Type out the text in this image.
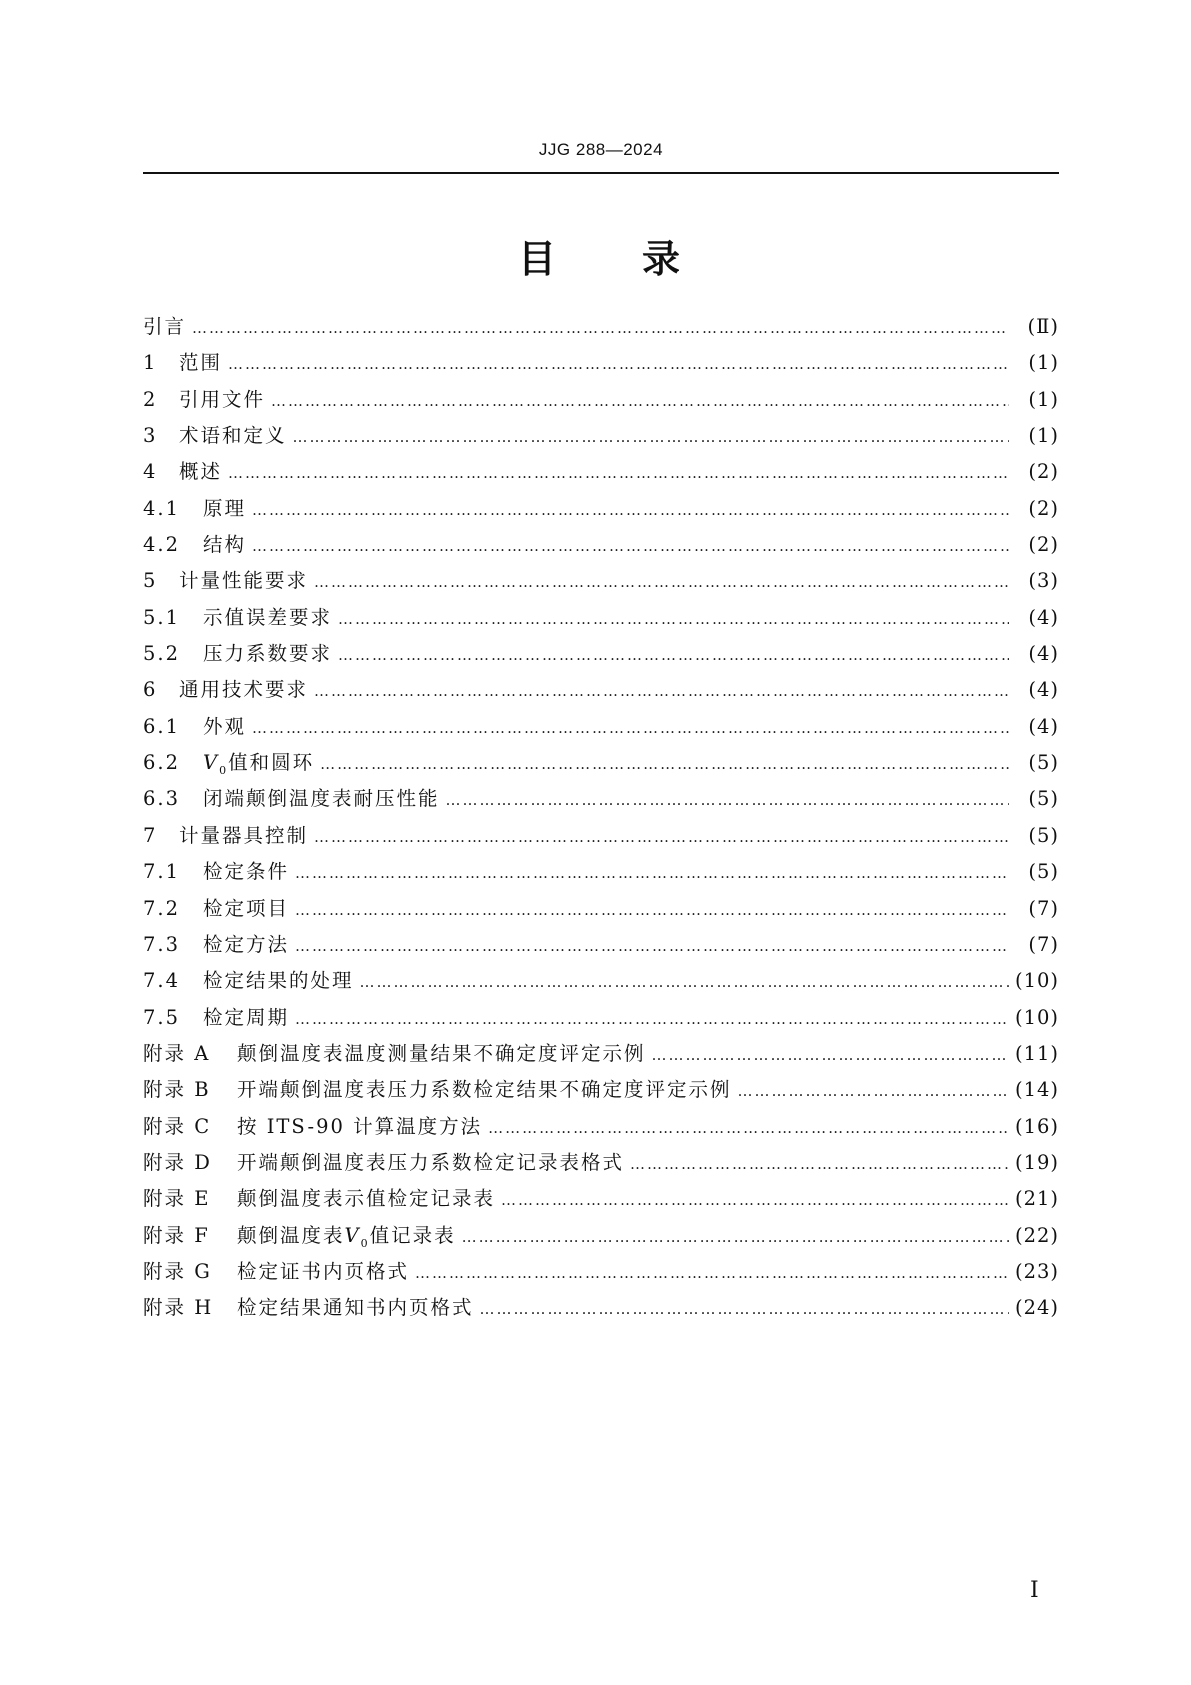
JJG 288—2024
目 录
引言 ……………………………………………………………………………………………………………………………………………………	(Ⅱ)
1	范围 ……………………………………………………………………………………………………………………………………………………	(1)
2	引用文件 ……………………………………………………………………………………………………………………………………………………	(1)
3	术语和定义 ……………………………………………………………………………………………………………………………………………………	(1)
4	概述 ……………………………………………………………………………………………………………………………………………………	(2)
4.1	原理 ……………………………………………………………………………………………………………………………………………………	(2)
4.2	结构 ……………………………………………………………………………………………………………………………………………………	(2)
5	计量性能要求 ……………………………………………………………………………………………………………………………………………………	(3)
5.1	示值误差要求 ……………………………………………………………………………………………………………………………………………………	(4)
5.2	压力系数要求 ……………………………………………………………………………………………………………………………………………………	(4)
6	通用技术要求 ……………………………………………………………………………………………………………………………………………………	(4)
6.1	外观 ……………………………………………………………………………………………………………………………………………………	(4)
6.2	$V_0$值和圆环 ……………………………………………………………………………………………………………………………………………………	(5)
6.3	闭端颠倒温度表耐压性能 ……………………………………………………………………………………………………………………………………………………	(5)
7	计量器具控制 ……………………………………………………………………………………………………………………………………………………	(5)
7.1	检定条件 ……………………………………………………………………………………………………………………………………………………	(5)
7.2	检定项目 ……………………………………………………………………………………………………………………………………………………	(7)
7.3	检定方法 ……………………………………………………………………………………………………………………………………………………	(7)
7.4	检定结果的处理 ……………………………………………………………………………………………………………………………………………………	(10)
7.5	检定周期 ……………………………………………………………………………………………………………………………………………………	(10)
附录 A	颠倒温度表温度测量结果不确定度评定示例 ……………………………………………………………………………………………………………………………………………………	(11)
附录 B	开端颠倒温度表压力系数检定结果不确定度评定示例 ……………………………………………………………………………………………………………………………………………………	(14)
附录 C	按 ITS-90 计算温度方法 ……………………………………………………………………………………………………………………………………………………	(16)
附录 D	开端颠倒温度表压力系数检定记录表格式 ……………………………………………………………………………………………………………………………………………………	(19)
附录 E	颠倒温度表示值检定记录表 ……………………………………………………………………………………………………………………………………………………	(21)
附录 F	颠倒温度表$V_0$值记录表 ……………………………………………………………………………………………………………………………………………………	(22)
附录 G	检定证书内页格式 ……………………………………………………………………………………………………………………………………………………	(23)
附录 H	检定结果通知书内页格式 ……………………………………………………………………………………………………………………………………………………	(24)
I
